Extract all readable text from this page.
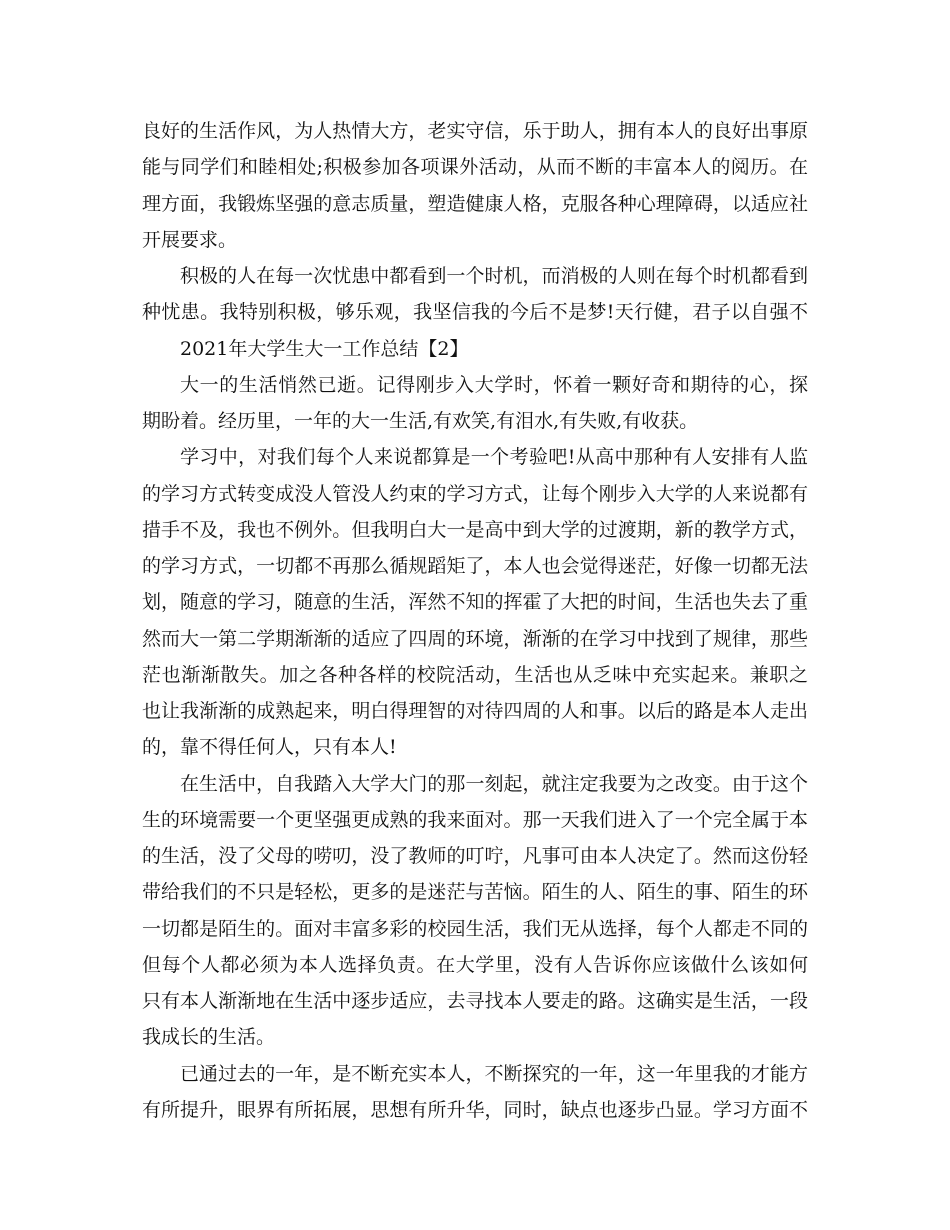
良好的生活作风，为人热情大方，老实守信，乐于助人，拥有本人的良好出事原
能与同学们和睦相处;积极参加各项课外活动，从而不断的丰富本人的阅历。在
理方面，我锻炼坚强的意志质量，塑造健康人格，克服各种心理障碍，以适应社
开展要求。
积极的人在每一次忧患中都看到一个时机，而消极的人则在每个时机都看到
种忧患。我特别积极，够乐观，我坚信我的今后不是梦!天行健，君子以自强不
2021年大学生大一工作总结【2】
大一的生活悄然已逝。记得刚步入大学时，怀着一颗好奇和期待的心，探
期盼着。经历里，一年的大一生活,有欢笑,有泪水,有失败,有收获。
学习中，对我们每个人来说都算是一个考验吧!从高中那种有人安排有人监
的学习方式转变成没人管没人约束的学习方式，让每个刚步入大学的人来说都有
措手不及，我也不例外。但我明白大一是高中到大学的过渡期，新的教学方式，
的学习方式，一切都不再那么循规蹈矩了，本人也会觉得迷茫，好像一切都无法
划，随意的学习，随意的生活，浑然不知的挥霍了大把的时间，生活也失去了重
然而大一第二学期渐渐的适应了四周的环境，渐渐的在学习中找到了规律，那些
茫也渐渐散失。加之各种各样的校院活动，生活也从乏味中充实起来。兼职之
也让我渐渐的成熟起来，明白得理智的对待四周的人和事。以后的路是本人走出
的，靠不得任何人，只有本人!
在生活中，自我踏入大学大门的那一刻起，就注定我要为之改变。由于这个
生的环境需要一个更坚强更成熟的我来面对。那一天我们进入了一个完全属于本
的生活，没了父母的唠叨，没了教师的叮咛，凡事可由本人决定了。然而这份轻
带给我们的不只是轻松，更多的是迷茫与苦恼。陌生的人、陌生的事、陌生的环
一切都是陌生的。面对丰富多彩的校园生活，我们无从选择，每个人都走不同的
但每个人都必须为本人选择负责。在大学里，没有人告诉你应该做什么该如何
只有本人渐渐地在生活中逐步适应，去寻找本人要走的路。这确实是生活，一段
我成长的生活。
已通过去的一年，是不断充实本人，不断探究的一年，这一年里我的才能方
有所提升，眼界有所拓展，思想有所升华，同时，缺点也逐步凸显。学习方面不
